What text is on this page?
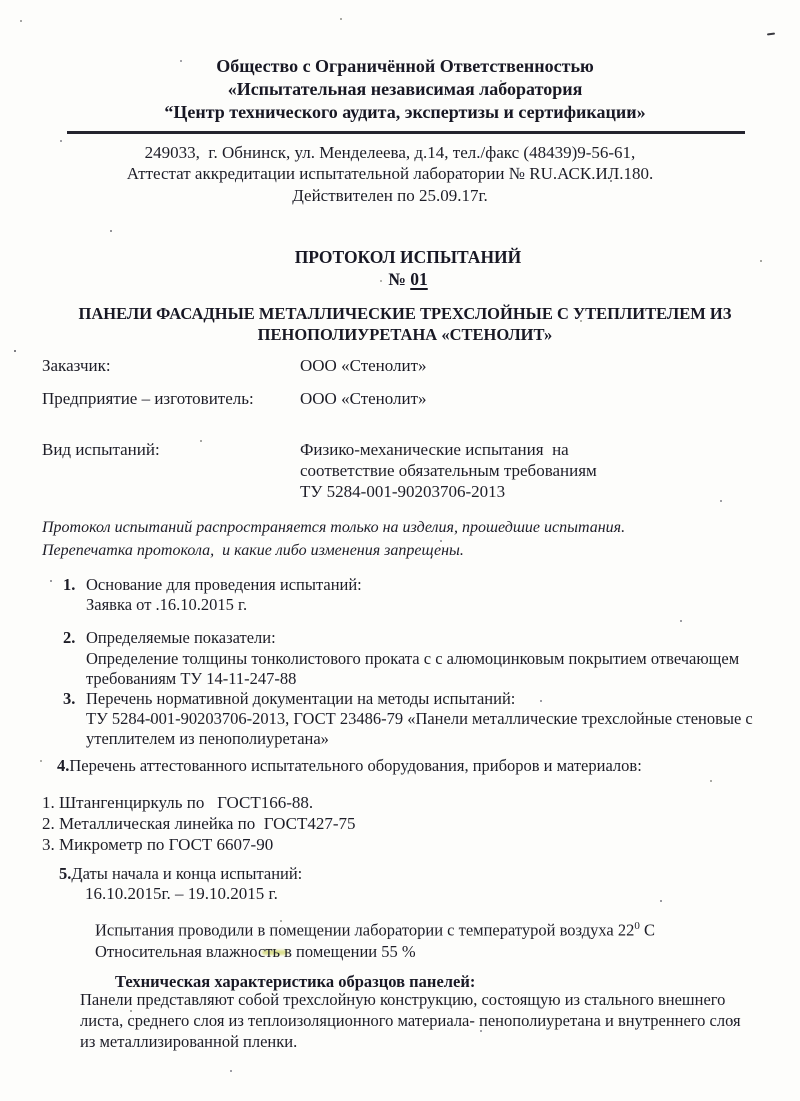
Общество с Ограничённой Ответственностью
«Испытательная независимая лаборатория
“Центр технического аудита, экспертизы и сертификации»
249033,  г. Обнинск, ул. Менделеева, д.14, тел./факс (48439)9-56-61,
Аттестат аккредитации испытательной лаборатории № RU.АСК.ИЛ.180.
Действителен по 25.09.17г.
ПРОТОКОЛ ИСПЫТАНИЙ
№ 01
ПАНЕЛИ ФАСАДНЫЕ МЕТАЛЛИЧЕСКИЕ ТРЕХСЛОЙНЫЕ С УТЕПЛИТЕЛЕМ ИЗ
ПЕНОПОЛИУРЕТАНА «СТЕНОЛИТ»
Заказчик:	ООО «Стенолит»
Предприятие – изготовитель:	ООО «Стенолит»
Вид испытаний:	Физико-механические испытания  на
соответствие обязательным требованиям
ТУ 5284-001-90203706-2013
Протокол испытаний распространяется только на изделия, прошедшие испытания.
Перепечатка протокола,  и какие либо изменения запрещены.
1. Основание для проведения испытаний:
Заявка от .16.10.2015 г.
2. Определяемые показатели:
Определение толщины тонколистового проката с с алюмоцинковым покрытием отвечающем требованиям ТУ 14-11-247-88
3. Перечень нормативной документации на методы испытаний:
ТУ 5284-001-90203706-2013, ГОСТ 23486-79 «Панели металлические трехслойные стеновые с утеплителем из пенополиуретана»
4.Перечень аттестованного испытательного оборудования, приборов и материалов:
1. Штангенциркуль по   ГОСТ166-88.
2. Металлическая линейка по  ГОСТ427-75
3. Микрометр по ГОСТ 6607-90
5.Даты начала и конца испытаний:
16.10.2015г. – 19.10.2015 г.
Испытания проводили в помещении лаборатории с температурой воздуха $22^0$ С
Относительная влажность в помещении 55 %
Техническая характеристика образцов панелей:
Панели представляют собой трехслойную конструкцию, состоящую из стального внешнего листа, среднего слоя из теплоизоляционного материала- пенополиуретана и внутреннего слоя из металлизированной пленки.
